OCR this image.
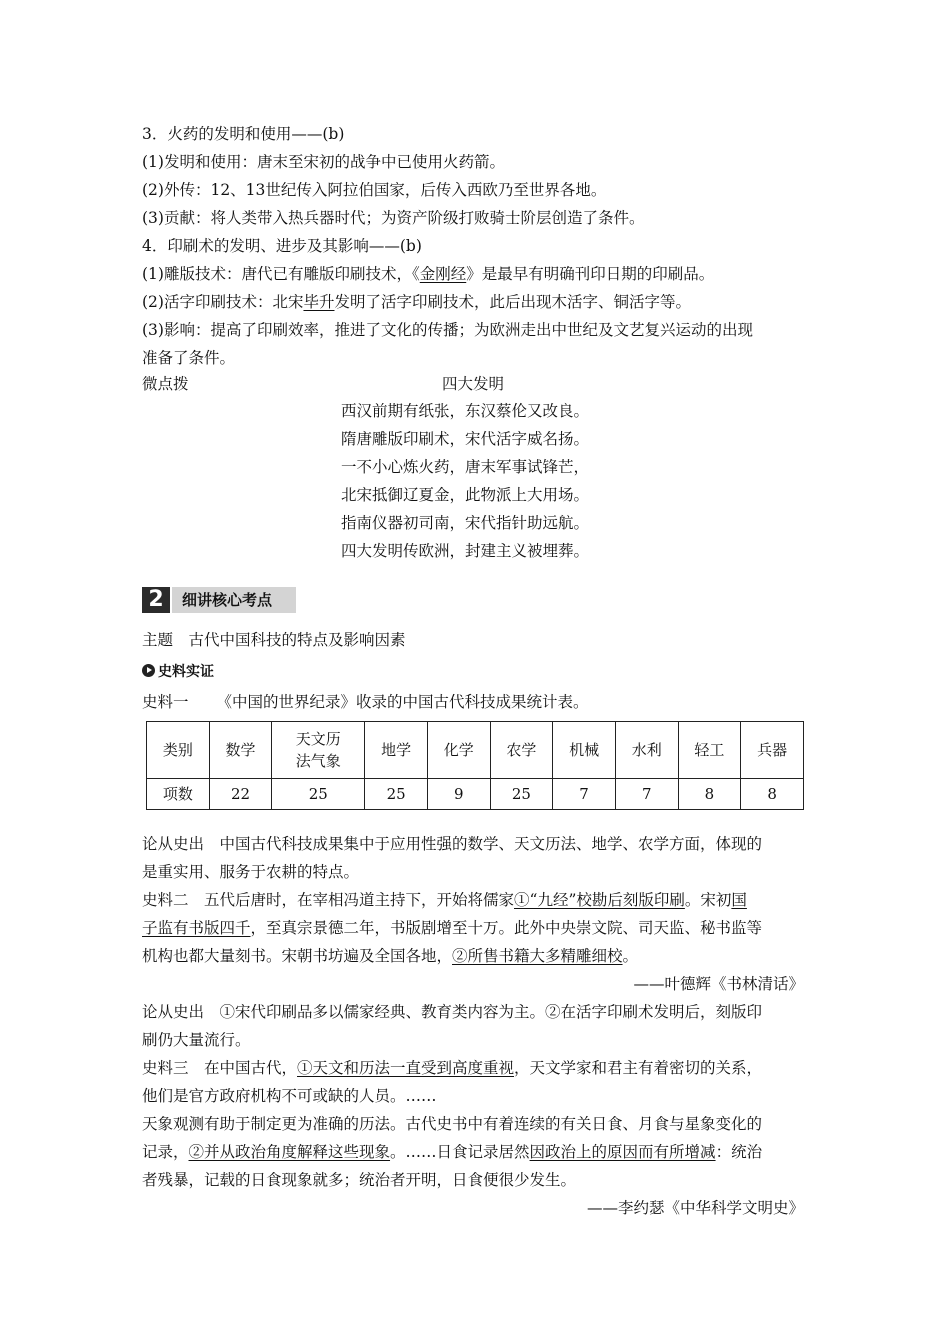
3．火药的发明和使用——(b)
(1)发明和使用：唐末至宋初的战争中已使用火药箭。
(2)外传：12、13世纪传入阿拉伯国家，后传入西欧乃至世界各地。
(3)贡献：将人类带入热兵器时代；为资产阶级打败骑士阶层创造了条件。
4．印刷术的发明、进步及其影响——(b)
(1)雕版技术：唐代已有雕版印刷技术，《金刚经》是最早有明确刊印日期的印刷品。
(2)活字印刷技术：北宋毕升发明了活字印刷技术，此后出现木活字、铜活字等。
(3)影响：提高了印刷效率，推进了文化的传播；为欧洲走出中世纪及文艺复兴运动的出现
准备了条件。
微点拨	四大发明
西汉前期有纸张，东汉蔡伦又改良。
隋唐雕版印刷术，宋代活字威名扬。
一不小心炼火药，唐末军事试锋芒，
北宋抵御辽夏金，此物派上大用场。
指南仪器初司南，宋代指针助远航。
四大发明传欧洲，封建主义被埋葬。
2	细讲核心考点
主题　古代中国科技的特点及影响因素
史料实证
史料一 《中国的世界纪录》收录的中国古代科技成果统计表。
类别	数学	天文历
法气象	地学	化学	农学	机械	水利	轻工	兵器
项数	22	25	25	9	25	7	7	8	8
论从史出　中国古代科技成果集中于应用性强的数学、天文历法、地学、农学方面，体现的
是重实用、服务于农耕的特点。
史料二　五代后唐时，在宰相冯道主持下，开始将儒家①“九经”校勘后刻版印刷。宋初国
子监有书版四千，至真宗景德二年，书版剧增至十万。此外中央崇文院、司天监、秘书监等
机构也都大量刻书。宋朝书坊遍及全国各地，②所售书籍大多精雕细校。
——叶德辉《书林清话》
论从史出　①宋代印刷品多以儒家经典、教育类内容为主。②在活字印刷术发明后，刻版印
刷仍大量流行。
史料三　在中国古代，①天文和历法一直受到高度重视，天文学家和君主有着密切的关系，
他们是官方政府机构不可或缺的人员。……
天象观测有助于制定更为准确的历法。古代史书中有着连续的有关日食、月食与星象变化的
记录，②并从政治角度解释这些现象。……日食记录居然因政治上的原因而有所增减：统治
者残暴，记载的日食现象就多；统治者开明，日食便很少发生。
——李约瑟《中华科学文明史》
